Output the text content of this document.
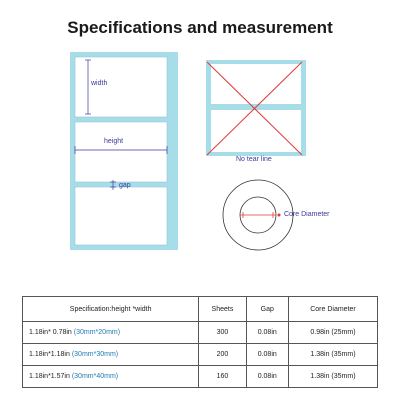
Specifications and measurement
width
height
gap
No tear line
Core Diameter
Specification:height *width	Sheets	Gap	Core Diameter
1.18in* 0.78in (30mm*20mm)	300	0.08in	0.98in (25mm)
1.18in*1.18in (30mm*30mm)	200	0.08in	1.38in (35mm)
1.18in*1.57in (30mm*40mm)	160	0.08in	1.38in (35mm)
